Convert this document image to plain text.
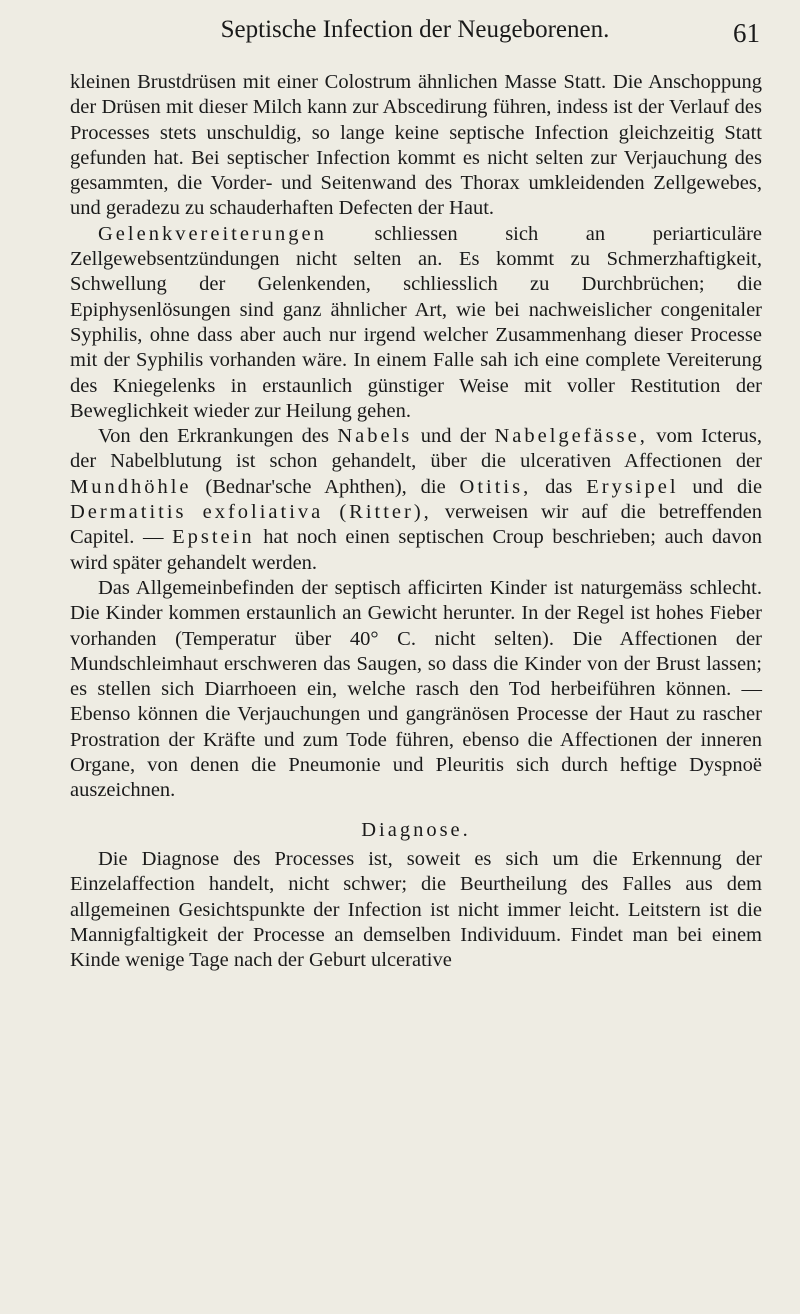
Septische Infection der Neugeborenen.	61

kleinen Brustdrüsen mit einer Colostrum ähnlichen Masse Statt. Die Anschoppung der Drüsen mit dieser Milch kann zur Abscedirung führen, indess ist der Verlauf des Processes stets unschuldig, so lange keine septische Infection gleichzeitig Statt gefunden hat. Bei septischer Infection kommt es nicht selten zur Verjauchung des gesammten, die Vorder- und Seitenwand des Thorax umkleidenden Zellgewebes, und geradezu zu schauderhaften Defecten der Haut.

Gelenkvereiterungen schliessen sich an periarticuläre Zellgewebsentzündungen nicht selten an. Es kommt zu Schmerzhaftigkeit, Schwellung der Gelenkenden, schliesslich zu Durchbrüchen; die Epiphysenlösungen sind ganz ähnlicher Art, wie bei nachweislicher congenitaler Syphilis, ohne dass aber auch nur irgend welcher Zusammenhang dieser Processe mit der Syphilis vorhanden wäre. In einem Falle sah ich eine complete Vereiterung des Kniegelenks in erstaunlich günstiger Weise mit voller Restitution der Beweglichkeit wieder zur Heilung gehen.

Von den Erkrankungen des Nabels und der Nabelgefässe, vom Icterus, der Nabelblutung ist schon gehandelt, über die ulcerativen Affectionen der Mundhöhle (Bednar'sche Aphthen), die Otitis, das Erysipel und die Dermatitis exfoliativa (Ritter), verweisen wir auf die betreffenden Capitel. — Epstein hat noch einen septischen Croup beschrieben; auch davon wird später gehandelt werden.

Das Allgemeinbefinden der septisch afficirten Kinder ist naturgemäss schlecht. Die Kinder kommen erstaunlich an Gewicht herunter. In der Regel ist hohes Fieber vorhanden (Temperatur über 40° C. nicht selten). Die Affectionen der Mundschleimhaut erschweren das Saugen, so dass die Kinder von der Brust lassen; es stellen sich Diarrhoeen ein, welche rasch den Tod herbeiführen können. — Ebenso können die Verjauchungen und gangränösen Processe der Haut zu rascher Prostration der Kräfte und zum Tode führen, ebenso die Affectionen der inneren Organe, von denen die Pneumonie und Pleuritis sich durch heftige Dyspnoë auszeichnen.

Diagnose.

Die Diagnose des Processes ist, soweit es sich um die Erkennung der Einzelaffection handelt, nicht schwer; die Beurtheilung des Falles aus dem allgemeinen Gesichtspunkte der Infection ist nicht immer leicht. Leitstern ist die Mannigfaltigkeit der Processe an demselben Individuum. Findet man bei einem Kinde wenige Tage nach der Geburt ulcerative
